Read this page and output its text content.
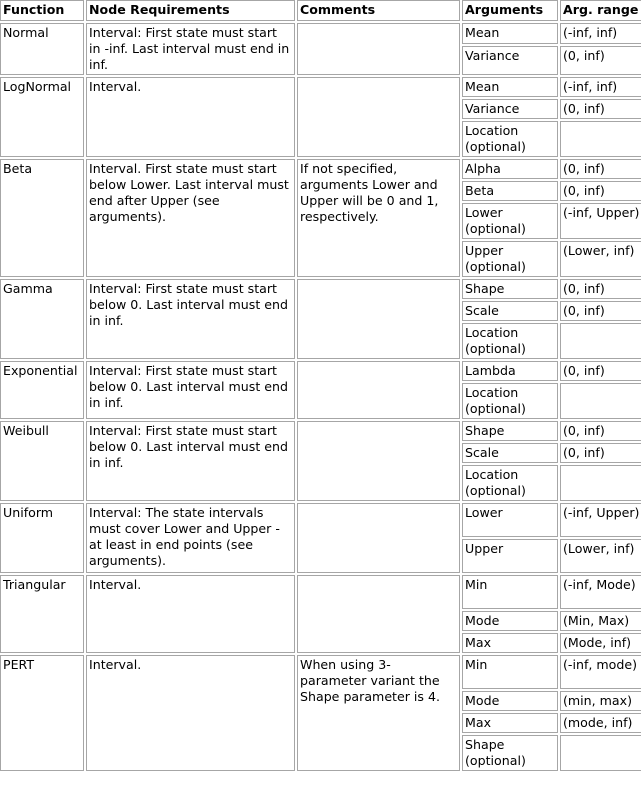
Function	Node Requirements	Comments	Arguments	Arg. range
Normal	Interval: First state must start in -inf. Last interval must end in inf.		Mean	(-inf, inf)
			Variance	(0, inf)
LogNormal	Interval.		Mean	(-inf, inf)
			Variance	(0, inf)
			Location (optional)	
Beta	Interval. First state must start below Lower. Last interval must end after Upper (see arguments).	If not specified, arguments Lower and Upper will be 0 and 1, respectively.	Alpha	(0, inf)
			Beta	(0, inf)
			Lower (optional)	(-inf, Upper)
			Upper (optional)	(Lower, inf)
Gamma	Interval: First state must start below 0. Last interval must end in inf.		Shape	(0, inf)
			Scale	(0, inf)
			Location (optional)	
Exponential	Interval: First state must start below 0. Last interval must end in inf.		Lambda	(0, inf)
			Location (optional)	
Weibull	Interval: First state must start below 0. Last interval must end in inf.		Shape	(0, inf)
			Scale	(0, inf)
			Location (optional)	
Uniform	Interval: The state intervals must cover Lower and Upper - at least in end points (see arguments).		Lower	(-inf, Upper)
			Upper	(Lower, inf)
Triangular	Interval.		Min	(-inf, Mode)
			Mode	(Min, Max)
			Max	(Mode, inf)
PERT	Interval.	When using 3-parameter variant the Shape parameter is 4.	Min	(-inf, mode)
			Mode	(min, max)
			Max	(mode, inf)
			Shape (optional)	
